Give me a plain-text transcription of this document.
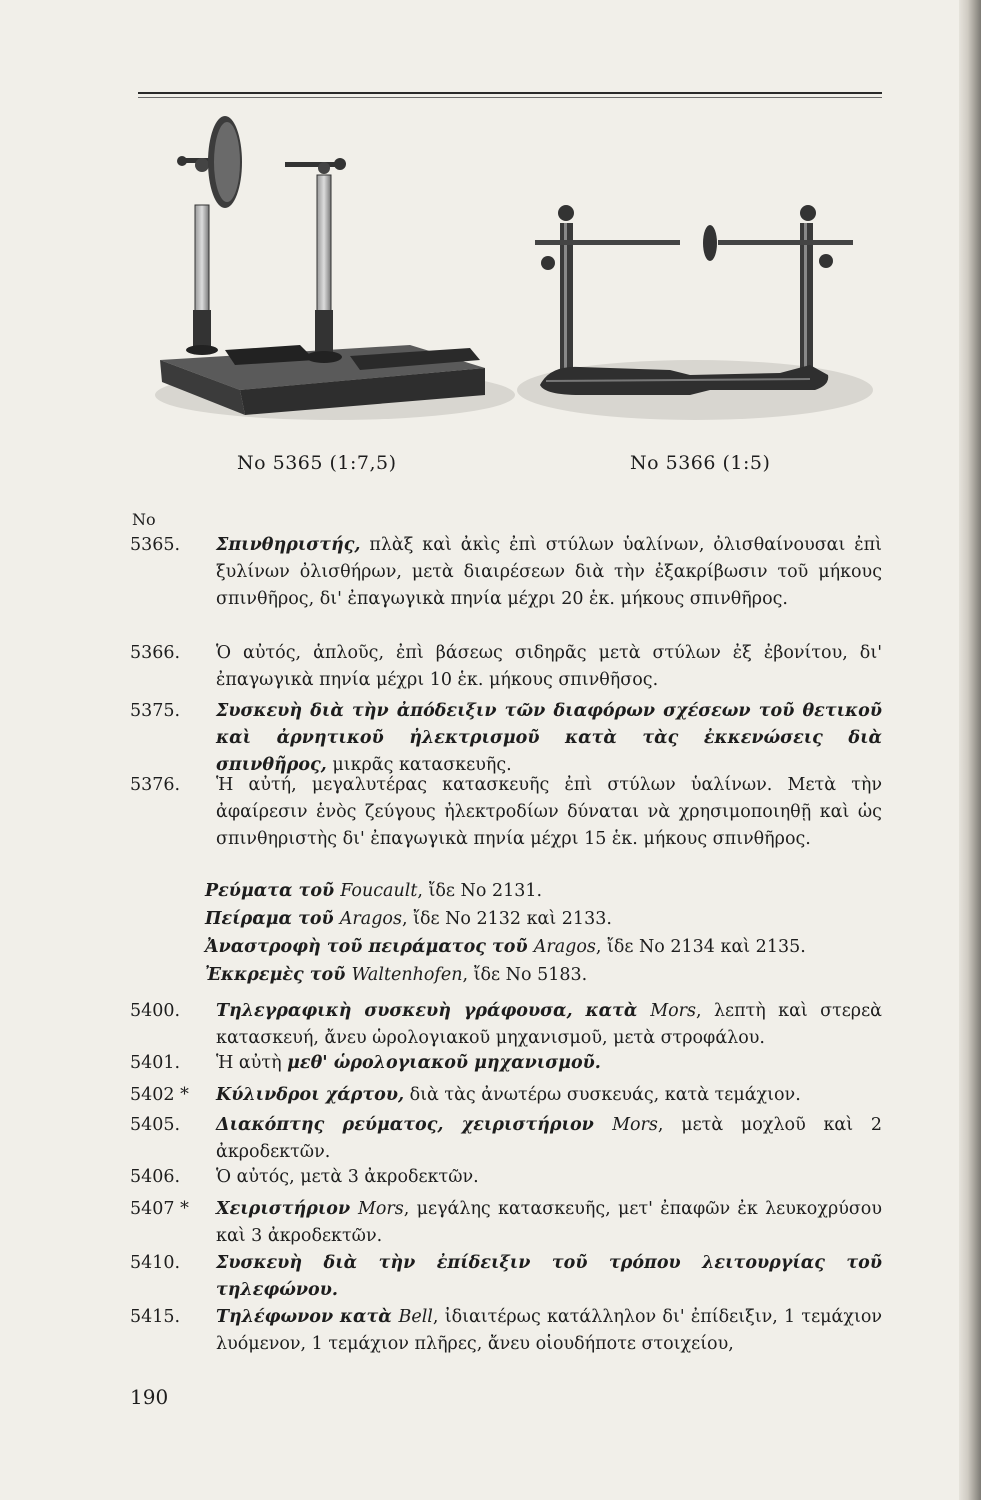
No 5365 (1:7,5)	No 5366 (1:5)
No
5365.	Σπινθηριστής, πλὰξ καὶ ἀκὶς ἐπὶ στύλων ὑαλίνων, ὀλισθαίνουσαι ἐπὶ ξυλίνων ὀλισθήρων, μετὰ διαιρέσεων διὰ τὴν ἐξακρίβωσιν τοῦ μήκους σπινθῆρος, δι' ἐπαγωγικὰ πηνία μέχρι 20 ἑκ. μήκους σπινθῆρος.
5366.	Ὁ αὐτός, ἁπλοῦς, ἐπὶ βάσεως σιδηρᾶς μετὰ στύλων ἐξ ἐβονίτου, δι' ἐπαγωγικὰ πηνία μέχρι 10 ἑκ. μήκους σπινθῆσος.
5375.	Συσκευὴ διὰ τὴν ἀπόδειξιν τῶν διαφόρων σχέσεων τοῦ θετικοῦ καὶ ἀρνητικοῦ ἠλεκτρισμοῦ κατὰ τὰς ἐκκενώσεις διὰ σπινθῆρος, μικρᾶς κατασκευῆς.
5376.	Ἡ αὐτή, μεγαλυτέρας κατασκευῆς ἐπὶ στύλων ὑαλίνων. Μετὰ τὴν ἀφαίρεσιν ἑνὸς ζεύγους ἠλεκτροδίων δύναται νὰ χρησιμοποιηθῇ καὶ ὡς σπινθηριστὴς δι' ἐπαγωγικὰ πηνία μέχρι 15 ἑκ. μήκους σπινθῆρος.
Ρεύματα τοῦ Foucault, ἴδε No 2131.
Πείραμα τοῦ Aragos, ἴδε No 2132 καὶ 2133.
Ἀναστροφὴ τοῦ πειράματος τοῦ Aragos, ἴδε No 2134 καὶ 2135.
Ἐκκρεμὲς τοῦ Waltenhofen, ἴδε No 5183.
5400.	Τηλεγραφικὴ συσκευὴ γράφουσα, κατὰ Mors, λεπτὴ καὶ στερεὰ κατασκευή, ἄνευ ὡρολογιακοῦ μηχανισμοῦ, μετὰ στροφάλου.
5401.	Ἡ αὐτὴ μεθ' ὡρολογιακοῦ μηχανισμοῦ.
5402 *	Κύλινδροι χάρτου, διὰ τὰς ἀνωτέρω συσκευάς, κατὰ τεμάχιον.
5405.	Διακόπτης ρεύματος, χειριστήριον Mors, μετὰ μοχλοῦ καὶ 2 ἀκροδεκτῶν.
5406.	Ὁ αὐτός, μετὰ 3 ἀκροδεκτῶν.
5407 *	Χειριστήριον Mors, μεγάλης κατασκευῆς, μετ' ἐπαφῶν ἐκ λευκοχρύσου καὶ 3 ἀκροδεκτῶν.
5410.	Συσκευὴ διὰ τὴν ἐπίδειξιν τοῦ τρόπου λειτουργίας τοῦ τηλεφώνου.
5415.	Τηλέφωνον κατὰ Bell, ἰδιαιτέρως κατάλληλον δι' ἐπίδειξιν, 1 τεμάχιον λυόμενον, 1 τεμάχιον πλῆρες, ἄνευ οἱουδήποτε στοιχείου,
190
